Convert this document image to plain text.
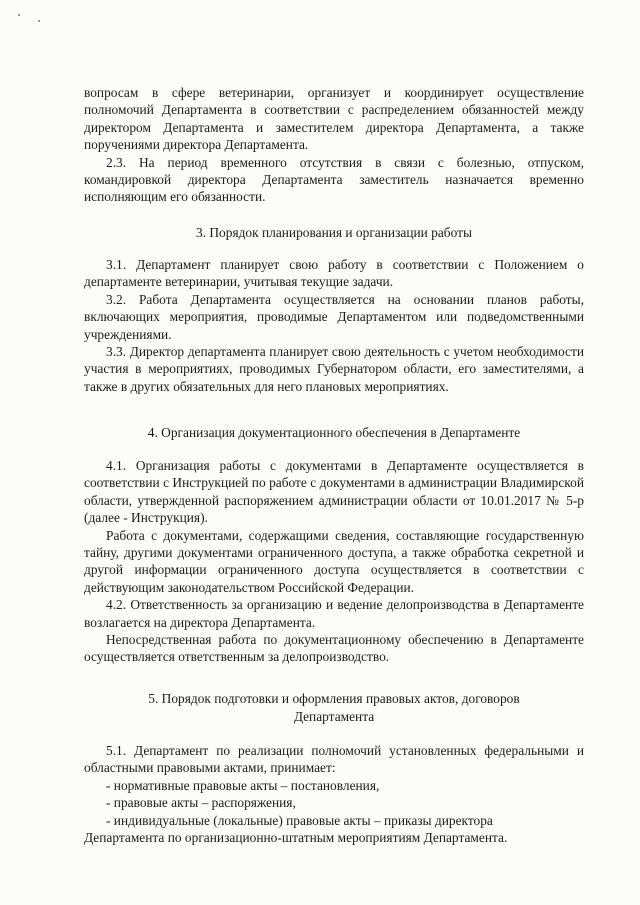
вопросам в сфере ветеринарии, организует и координирует осуществление полномочий Департамента в соответствии с распределением обязанностей между директором Департамента и заместителем директора Департамента, а также поручениями директора Департамента.

2.3. На период временного отсутствия в связи с болезнью, отпуском, командировкой директора Департамента заместитель назначается временно исполняющим его обязанности.

3. Порядок планирования и организации работы

3.1. Департамент планирует свою работу в соответствии с Положением о департаменте ветеринарии, учитывая текущие задачи.

3.2. Работа Департамента осуществляется на основании планов работы, включающих мероприятия, проводимые Департаментом или подведомственными учреждениями.

3.3. Директор департамента планирует свою деятельность с учетом необходимости участия в мероприятиях, проводимых Губернатором области, его заместителями, а также в других обязательных для него плановых мероприятиях.

4. Организация документационного обеспечения в Департаменте

4.1. Организация работы с документами в Департаменте осуществляется в соответствии с Инструкцией по работе с документами в администрации Владимирской области, утвержденной распоряжением администрации области от 10.01.2017 № 5-р (далее - Инструкция).

Работа с документами, содержащими сведения, составляющие государственную тайну, другими документами ограниченного доступа, а также обработка секретной и другой информации ограниченного доступа осуществляется в соответствии с действующим законодательством Российской Федерации.

4.2. Ответственность за организацию и ведение делопроизводства в Департаменте возлагается на директора Департамента.

Непосредственная работа по документационному обеспечению в Департаменте осуществляется ответственным за делопроизводство.

5. Порядок подготовки и оформления правовых актов, договоров

Департамента

5.1. Департамент по реализации полномочий установленных федеральными и областными правовыми актами, принимает:

- нормативные правовые акты – постановления,

- правовые акты – распоряжения,

- индивидуальные (локальные) правовые акты – приказы директора

Департамента по организационно-штатным мероприятиям Департамента.
